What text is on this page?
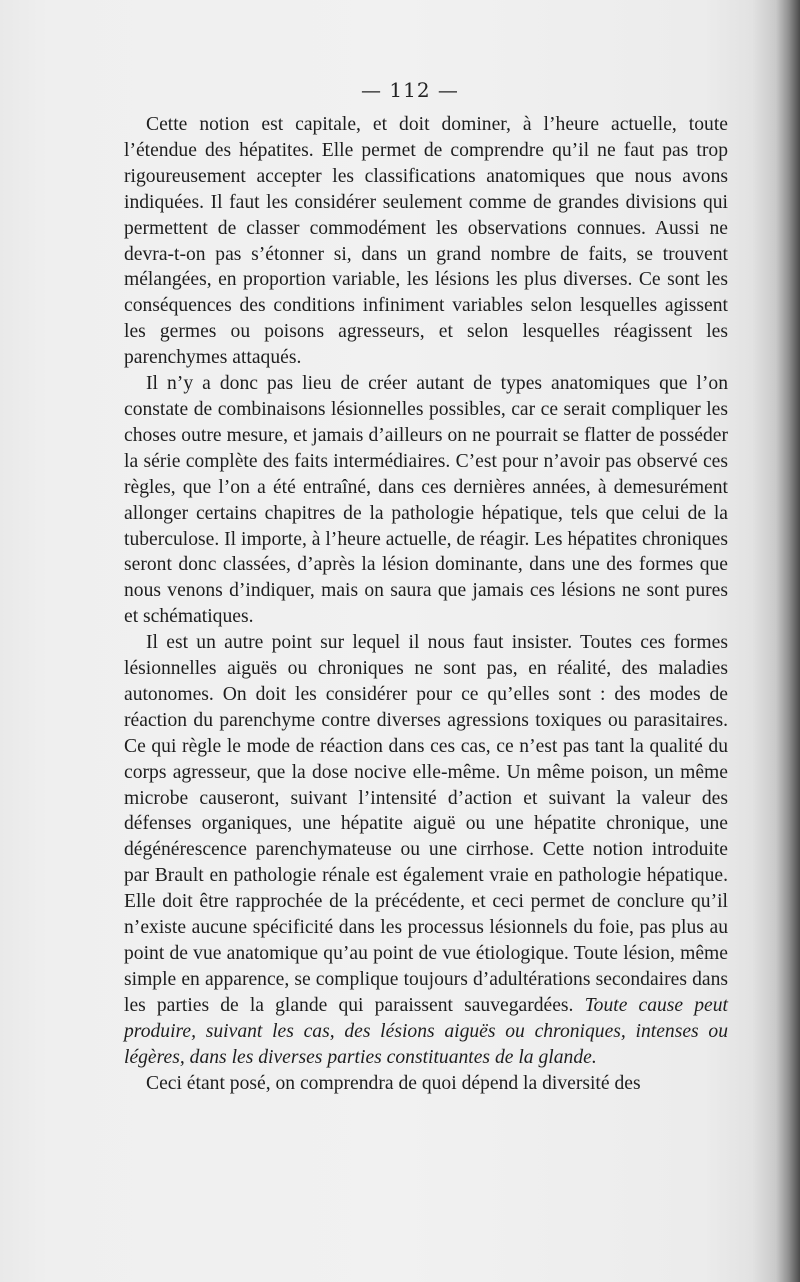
— 112 —

Cette notion est capitale, et doit dominer, à l’heure actuelle, toute l’étendue des hépatites. Elle permet de comprendre qu’il ne faut pas trop rigoureusement accepter les classifications anatomiques que nous avons indiquées. Il faut les considérer seulement comme de grandes divisions qui permettent de classer commodément les observations connues. Aussi ne devra-t-on pas s’étonner si, dans un grand nombre de faits, se trouvent mélangées, en proportion variable, les lésions les plus diverses. Ce sont les conséquences des conditions infiniment variables selon lesquelles agissent les germes ou poisons agresseurs, et selon lesquelles réagissent les parenchymes attaqués.

Il n’y a donc pas lieu de créer autant de types anatomiques que l’on constate de combinaisons lésionnelles possibles, car ce serait compliquer les choses outre mesure, et jamais d’ailleurs on ne pourrait se flatter de posséder la série complète des faits intermédiaires. C’est pour n’avoir pas observé ces règles, que l’on a été entraîné, dans ces dernières années, à demesurément allonger certains chapitres de la pathologie hépatique, tels que celui de la tuberculose. Il importe, à l’heure actuelle, de réagir. Les hépatites chroniques seront donc classées, d’après la lésion dominante, dans une des formes que nous venons d’indiquer, mais on saura que jamais ces lésions ne sont pures et schématiques.

Il est un autre point sur lequel il nous faut insister. Toutes ces formes lésionnelles aiguës ou chroniques ne sont pas, en réalité, des maladies autonomes. On doit les considérer pour ce qu’elles sont : des modes de réaction du parenchyme contre diverses agressions toxiques ou parasitaires. Ce qui règle le mode de réaction dans ces cas, ce n’est pas tant la qualité du corps agresseur, que la dose nocive elle-même. Un même poison, un même microbe causeront, suivant l’intensité d’action et suivant la valeur des défenses organiques, une hépatite aiguë ou une hépatite chronique, une dégénérescence parenchymateuse ou une cirrhose. Cette notion introduite par Brault en pathologie rénale est également vraie en pathologie hépatique. Elle doit être rapprochée de la précédente, et ceci permet de conclure qu’il n’existe aucune spécificité dans les processus lésionnels du foie, pas plus au point de vue anatomique qu’au point de vue étiologique. Toute lésion, même simple en apparence, se complique toujours d’adultérations secondaires dans les parties de la glande qui paraissent sauvegardées. Toute cause peut produire, suivant les cas, des lésions aiguës ou chroniques, intenses ou légères, dans les diverses parties constituantes de la glande.

Ceci étant posé, on comprendra de quoi dépend la diversité des
